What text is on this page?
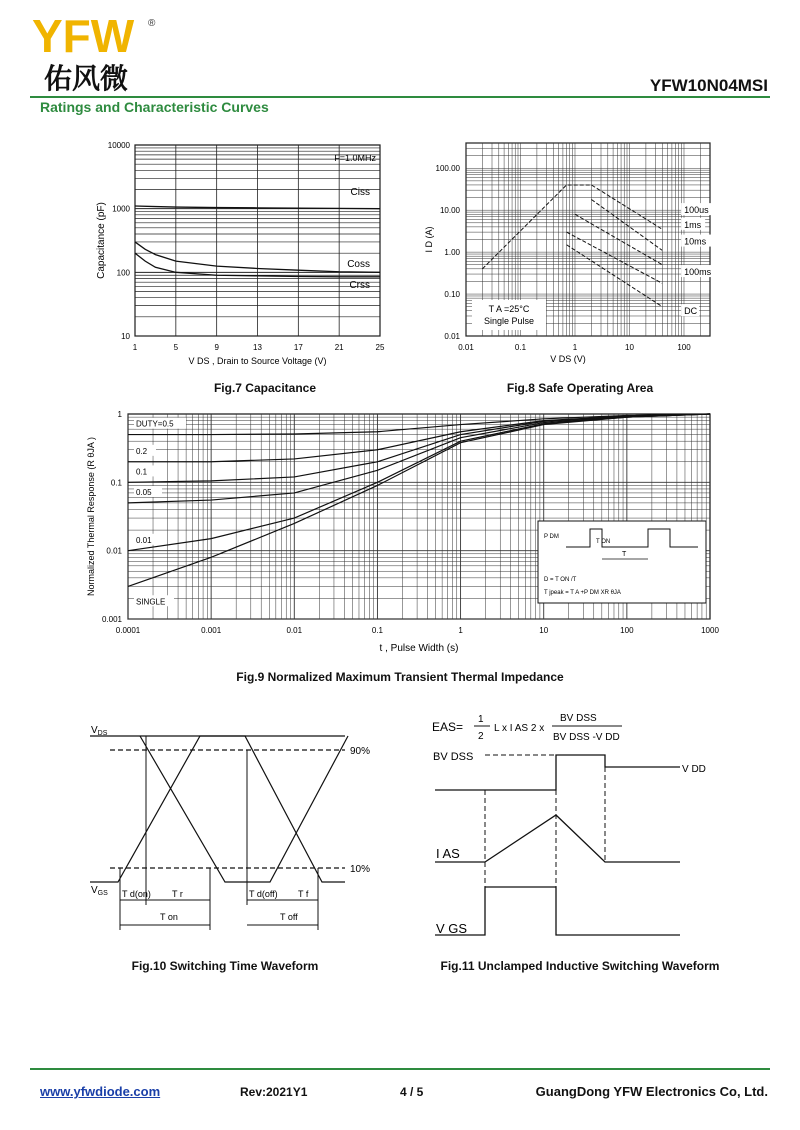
YFW ®
佑风微	YFW10N04MSI
Ratings and Characteristic Curves
1	5	9	13	17	21	25
10
100
1000
10000
V DS , Drain to Source Voltage (V)
Capacitance (pF)
F=1.0MHz
Ciss
Coss
Crss
0.01	0.1	1	10	100
0.01
0.10
1.00
10.00
100.00
V DS (V)
I D (A)
T A =25°C
Single Pulse
100us
1ms
10ms
100ms
DC
0.0001	0.001	0.01	0.1	1	10	100	1000
0.001
0.01
0.1
1
t , Pulse Width (s)
Normalized Thermal Response (R θJA )
DUTY=0.5
0.2
0.1
0.05
0.01
SINGLE
P DM
T ON
T
D = T ON /T
T jpeak = T A +P DM XR θJA
Fig.7 Capacitance	Fig.8 Safe Operating Area
Fig.9 Normalized Maximum Transient Thermal Impedance
$V_{DS}$
$V_{GS}$
90%
10%
T d(on) T r
T on
T d(off) T f
T off
Fig.10 Switching Time Waveform
EAS=
1
2
L x I AS 2 x
BV DSS
BV DSS -V DD
BV DSS
V DD
I AS
V GS
Fig.11 Unclamped Inductive Switching Waveform
www.yfwdiode.com	Rev:2021Y1	4 / 5	GuangDong YFW Electronics Co, Ltd.
